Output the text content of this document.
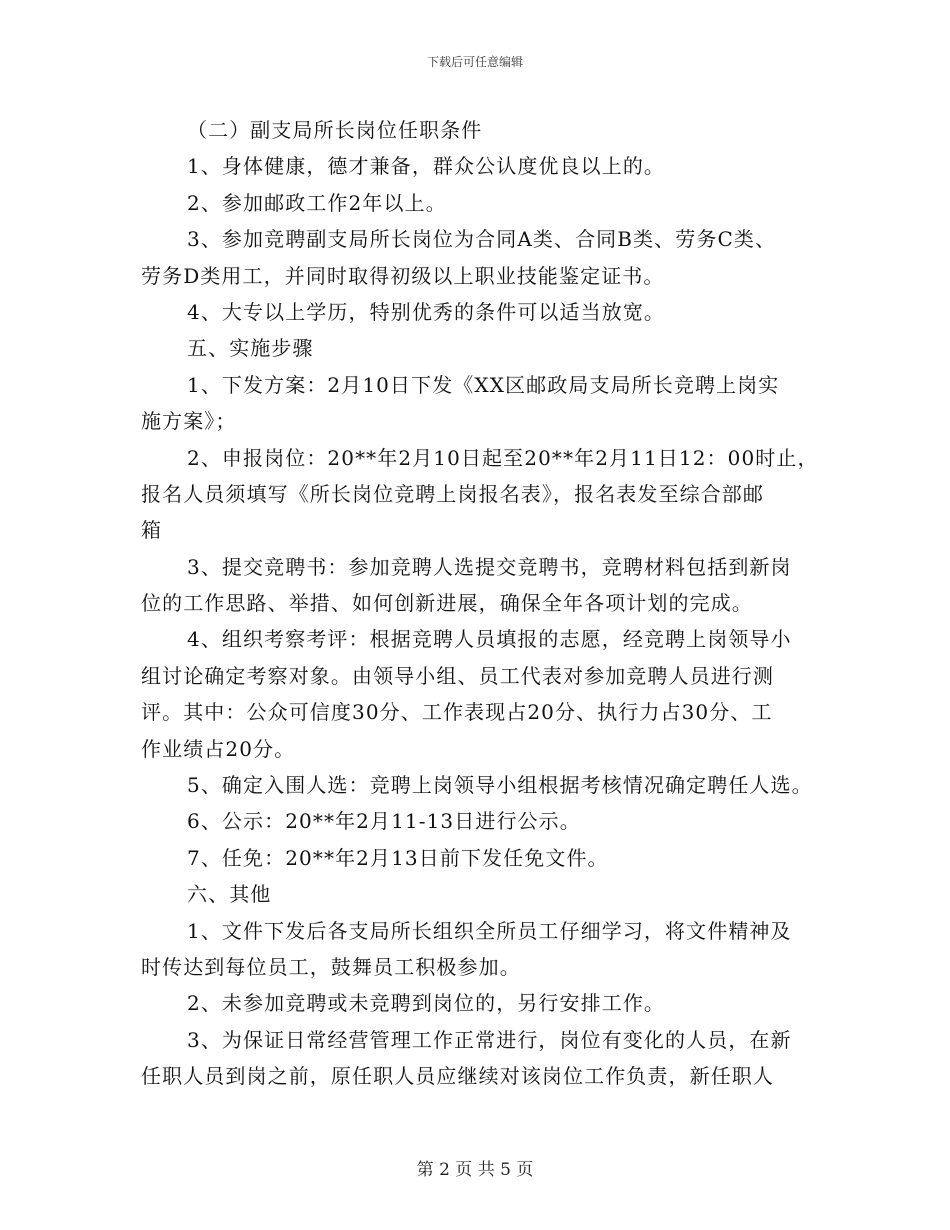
下载后可任意编辑
（二）副支局所长岗位任职条件
1、身体健康，德才兼备，群众公认度优良以上的。
2、参加邮政工作2年以上。
3、参加竞聘副支局所长岗位为合同A类、合同B类、劳务C类、
劳务D类用工，并同时取得初级以上职业技能鉴定证书。
4、大专以上学历，特别优秀的条件可以适当放宽。
五、实施步骤
1、下发方案：2月10日下发《XX区邮政局支局所长竞聘上岗实
施方案》；
2、申报岗位：20**年2月10日起至20**年2月11日12：00时止，
报名人员须填写《所长岗位竞聘上岗报名表》，报名表发至综合部邮
箱
3、提交竞聘书：参加竞聘人选提交竞聘书，竞聘材料包括到新岗
位的工作思路、举措、如何创新进展，确保全年各项计划的完成。
4、组织考察考评：根据竞聘人员填报的志愿，经竞聘上岗领导小
组讨论确定考察对象。由领导小组、员工代表对参加竞聘人员进行测
评。其中：公众可信度30分、工作表现占20分、执行力占30分、工
作业绩占20分。
5、确定入围人选：竞聘上岗领导小组根据考核情况确定聘任人选。
6、公示：20**年2月11-13日进行公示。
7、任免：20**年2月13日前下发任免文件。
六、其他
1、文件下发后各支局所长组织全所员工仔细学习，将文件精神及
时传达到每位员工，鼓舞员工积极参加。
2、未参加竞聘或未竞聘到岗位的，另行安排工作。
3、为保证日常经营管理工作正常进行，岗位有变化的人员，在新
任职人员到岗之前，原任职人员应继续对该岗位工作负责，新任职人
第 2 页 共 5 页
